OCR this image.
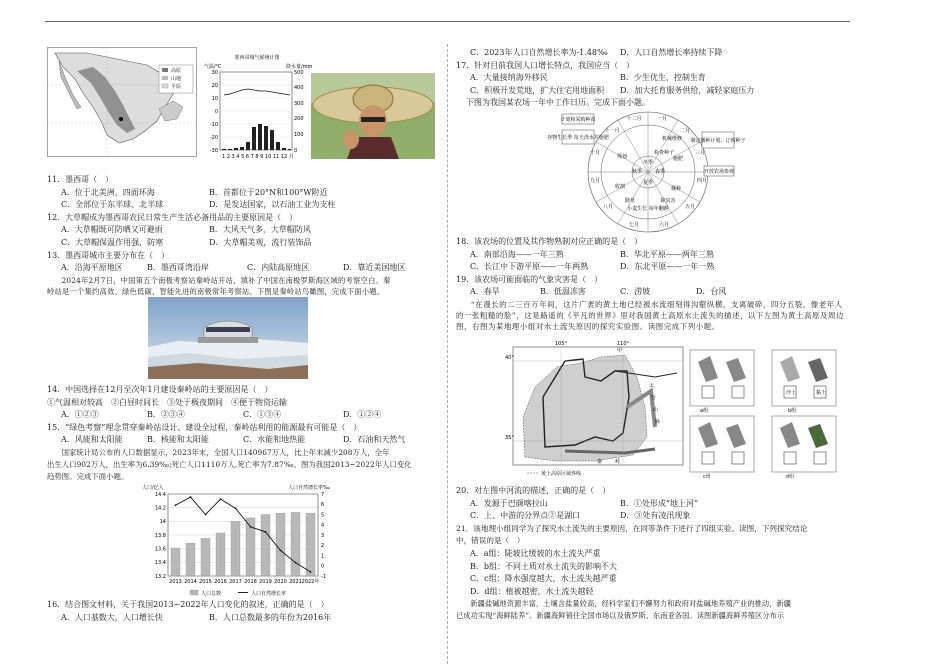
高原
山地
平原
墨西哥城气候统计图
气温/℃	降水量/mm
30
20
10
0
-10
-20
-30
500
400
300
200
100
0
1 2 3 4 5 6 7 8 9 10 11 12 月
人口/亿人	人口自然增长率‰
14.4
14.2
14
13.8
13.6
13.4
13.2
7
6
5
4
3
2
1
0
-1
2013 2014 2015 2016 2017 2018 2019 2020 2021 2022年
人口总数	人口自然增长率

11．墨西哥（　）

A．位于北美洲，四面环海	B．首都位于20°N和100°W附近
C．全部位于东半球、北半球	D．是发达国家，以石油工业为支柱

12．大草帽成为墨西哥农民日常生产生活必备用品的主要原因是（　）

A．大草帽既可防晒又可避雨	B．大风天气多，大草帽防风
C．大草帽保温作用强，防寒	D．大草帽美观，流行装饰品

13．墨西哥城市主要分布在（　）

A．沿海平原地区	B．墨西哥湾沿岸	C．内陆高原地区	D．靠近美国地区

2024年2月7日，中国第五个南极考察站秦岭站开站，填补了中国在南极罗斯海区域的考察空白。秦
岭站是一个集约高效、绿色低碳、智能先进的南极常年考察站。下图是秦岭站鸟瞰图，完成下面小题。

14．中国选择在12月至次年1月建设秦岭站的主要原因是（　）

①气温相对较高　②白昼时间长　③处于极夜期间　④便于物资运输

A．①②③	B．②③④	C．①③④	D．①②④

15．“绿色考察”理念贯穿秦岭站设计、建设全过程，秦岭站利用的能源最有可能是（　）

A．风能和太阳能	B．核能和太阳能	C．水能和地热能	D．石油和天然气

国家统计局公布的人口数据显示，2023年末，全国人口140967万人，比上年末减少208万人，全年
出生人口902万人，出生率为6.39‰;死亡人口1110万人,死亡率为7.87‰。图为我国2013~2022年人口变化
趋势图。完成下面小题。

16．结合图文材料，关于我国2013~2022年人口变化的叙述，正确的是（　）

A．人口基数大，人口增长快	B．人口总数最多的年份为2016年
C．2023年人口自然增长率为-1.48‰	D．人口自然增长率持续下降

17．针对目前我国人口增长特点，我国应当（　）

A．大量接纳海外移民	B．少生优生，控制生育
C．积极开发荒地，扩大住宅用地面积	D．加大托育服务供给，减轻家庭压力

下图为我国某农场一年中工作日历。完成下面小题。

一月
二月
三月
四月
五月
六月
七月
八月
九月
十月
十一月
十二月
收割	播种
施肥
冬季
春季
夏季
秋季
机械维修
检查种子
规划
小麦生长 每年翻耕
除草	除虫害
计划和采购种苗
谷物生长季 每天浇水并施肥	制定播种计划、订购种子
开放农场参观

18．该农场的位置及其作物熟制对应正确的是（　）

A．南部沿海——一年三熟	B．华北平原——两年三熟
C．长江中下游平原——一年两熟	D．东北平原——一年一熟

19．该农场可能面临的气象灾害是（　）

A．春旱	B．低温冻害	C．涝坡	D．台风

“在漫长的二三百万年间，这片广袤的黄土地已经被水流细刻得沟壑纵横，支离破碎，四分五裂，像老年人的一张粗糙的脸”，这是路遥的《平凡的世界》里对我国黄土高原水土流失的描述，以下左图为黄土高原及周边图，右图为某地理小组对水土流失原因的探究实验图。读图完成下列小题。

40°
35°
105°	110°
甲
太
行
山
脉
秦	岭
黄土高原区域界线
a组
沙土	黏土
b组
c组	d组

20．对左图中河流的描述，正确的是（　）

A．发源于巴颜喀拉山	B．①处形成“地上河”
C．上、中游的分界点②是湖口	D．③处有凌汛现象

21．该地理小组同学为了探究水土流失的主要原因，在同等条件下进行了四组实验。读图，下列探究结论
中，错误的是（　）

A．a组：陡坡比缓坡的水土流失严重

B．b组：不同土质对水土流失的影响不大

C．c组：降水强度越大，水土流失越严重

D．d组：植被越密，水土流失越轻

新疆盐碱地资源丰富，土壤含盐量较高，经科学家们不懈努力和政府对盐碱地养殖产业的推动，新疆
已成功实现“海鲜陆养”。新疆海鲜销往全国市场以及俄罗斯、东南亚各国。读图新疆海鲜养殖区分布示
